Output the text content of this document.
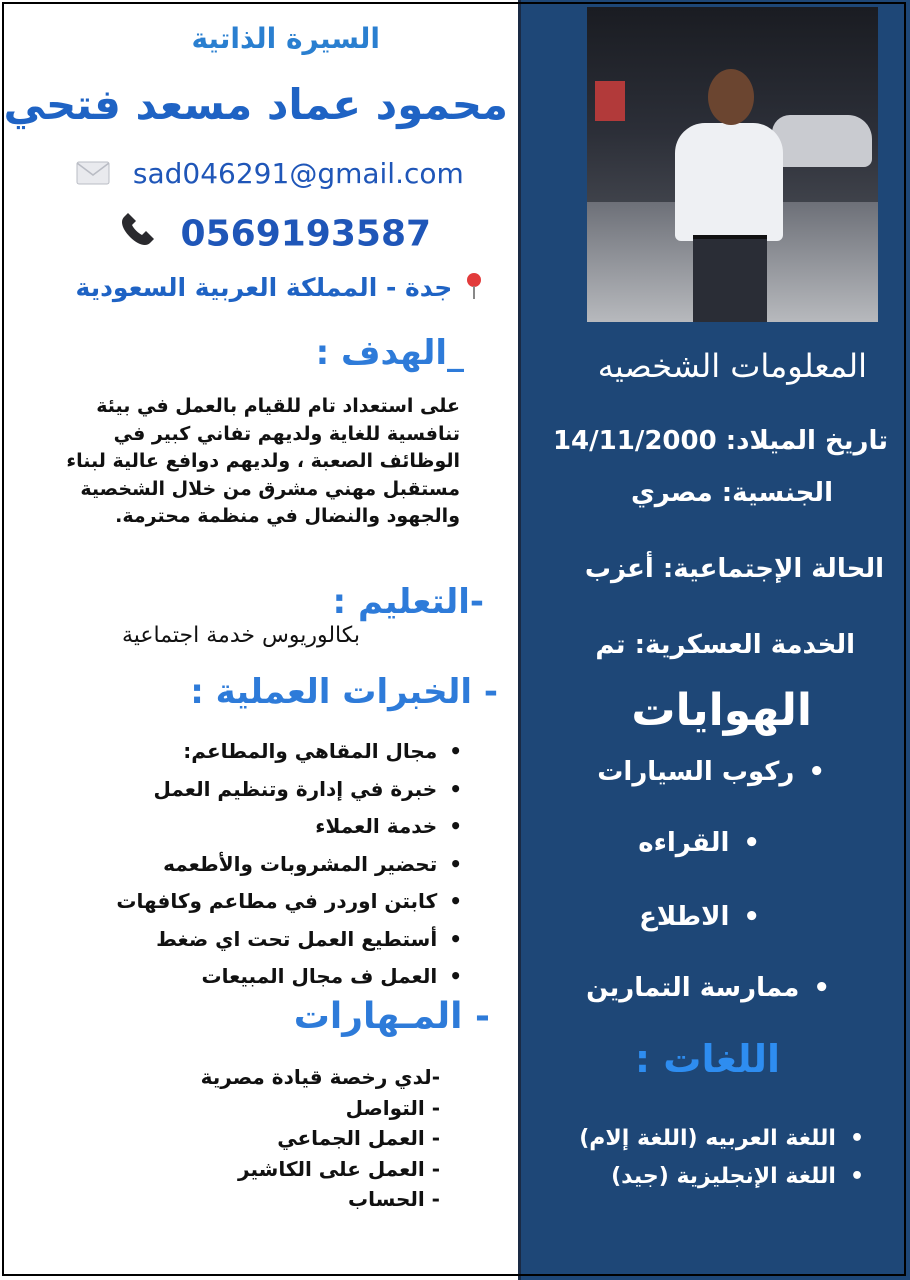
السيرة الذاتية
محمود عماد مسعد فتحي
sad046291@gmail.com
0569193587
جدة - المملكة العربية السعودية
_الهدف :
على استعداد تام للقيام بالعمل في بيئة تنافسية للغاية ولديهم تفاني كبير في الوظائف الصعبة ، ولديهم دوافع عالية لبناء مستقبل مهني مشرق من خلال الشخصية والجهود والنضال في منظمة محترمة.
-التعليم :
بكالوريوس خدمة اجتماعية
- الخبرات العملية :
• مجال المقاهي والمطاعم:
• خبرة في إدارة وتنظيم العمل
• خدمة العملاء
• تحضير المشروبات والأطعمه
• كابتن اوردر في مطاعم وكافهات
• أستطيع العمل تحت اي ضغط
• العمل ف مجال المبيعات
- المـهارات
-لدي رخصة قيادة مصرية
- التواصل
- العمل الجماعي
- العمل على الكاشير
- الحساب
المعلومات الشخصيه
تاريخ الميلاد: 14/11/2000
الجنسية: مصري
الحالة الإجتماعية: أعزب
الخدمة العسكرية: تم
الهوايات
• ركوب السيارات
• القراءه
• الاطلاع
• ممارسة التمارين
اللغات :
• اللغة العربيه (اللغة إلام)
• اللغة الإنجليزية (جيد)
